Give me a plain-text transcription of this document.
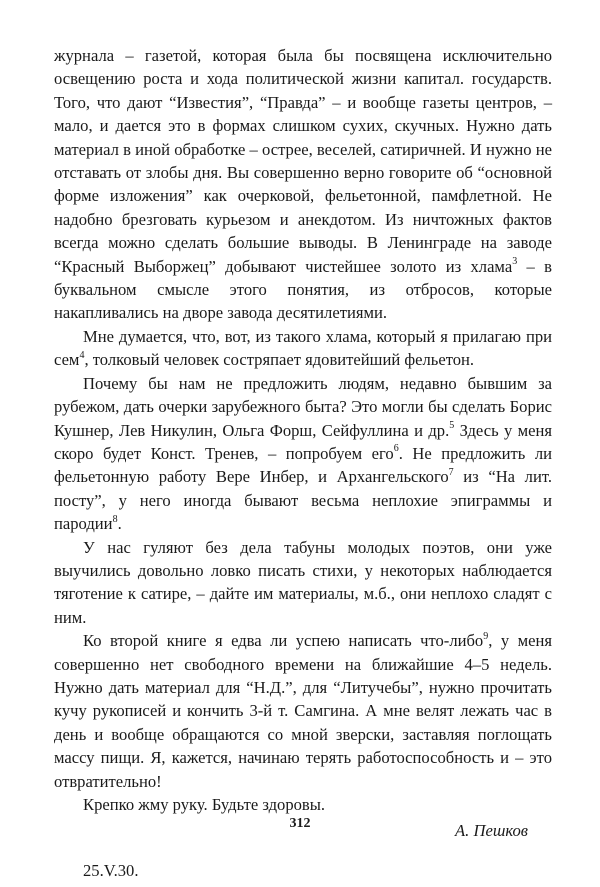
журнала – газетой, которая была бы посвящена исключительно освещению роста и хода политической жизни капитал. государств. Того, что дают “Известия”, “Правда” – и вообще газеты центров, – мало, и дается это в формах слишком сухих, скучных. Нужно дать материал в иной обработке – острее, веселей, сатиричней. И нужно не отставать от злобы дня. Вы совершенно верно говорите об “основной форме изложения” как очерковой, фельетонной, памфлетной. Не надобно брезговать курьезом и анекдотом. Из ничтожных фактов всегда можно сделать большие выводы. В Ленинграде на заводе “Красный Выборжец” добывают чистейшее золото из хлама$^3$ – в буквальном смысле этого понятия, из отбросов, которые накапливались на дворе завода десятилетиями.

Мне думается, что, вот, из такого хлама, который я прилагаю при сем$^4$, толковый человек состряпает ядовитейший фельетон.

Почему бы нам не предложить людям, недавно бывшим за рубежом, дать очерки зарубежного быта? Это могли бы сделать Борис Кушнер, Лев Никулин, Ольга Форш, Сейфуллина и др.$^5$ Здесь у меня скоро будет Конст. Тренев, – попробуем его$^6$. Не предложить ли фельетонную работу Вере Инбер, и Архангельского$^7$ из “На лит. посту”, у него иногда бывают весьма неплохие эпиграммы и пародии$^8$.

У нас гуляют без дела табуны молодых поэтов, они уже выучились довольно ловко писать стихи, у некоторых наблюдается тяготение к сатире, – дайте им материалы, м.б., они неплохо сладят с ним.

Ко второй книге я едва ли успею написать что-либо$^9$, у меня совершенно нет свободного времени на ближайшие 4–5 недель. Нужно дать материал для “Н.Д.”, для “Литучебы”, нужно прочитать кучу рукописей и кончить 3-й т. Самгина. А мне велят лежать час в день и вообще обращаются со мной зверски, заставляя поглощать массу пищи. Я, кажется, начинаю терять работоспособность и – это отвратительно!

Крепко жму руку. Будьте здоровы.

А. Пешков
25.V.30.
312
